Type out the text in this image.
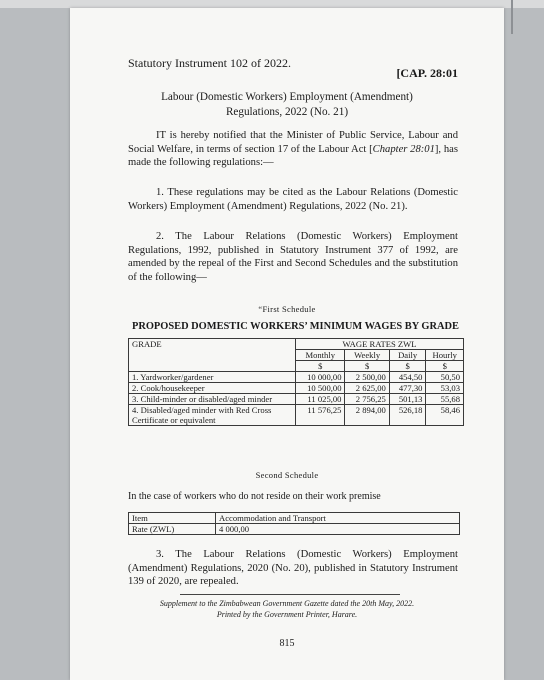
Statutory Instrument 102 of 2022.
[CAP. 28:01
Labour (Domestic Workers) Employment (Amendment)
Regulations, 2022 (No. 21)
IT is hereby notified that the Minister of Public Service, Labour and Social Welfare, in terms of section 17 of the Labour Act [Chapter 28:01], has made the following regulations:—
1. These regulations may be cited as the Labour Relations (Domestic Workers) Employment (Amendment) Regulations, 2022 (No. 21).
2. The Labour Relations (Domestic Workers) Employment Regulations, 1992, published in Statutory Instrument 377 of 1992, are amended by the repeal of the First and Second Schedules and the substitution of the following—
“First Schedule
PROPOSED DOMESTIC WORKERS’ MINIMUM WAGES BY GRADE
GRADE	WAGE RATES ZWL			
	Monthly	Weekly	Daily	Hourly
	$	$	$	$
1. Yardworker/gardener	10 000,00	2 500,00	454,50	50,50
2. Cook/housekeeper	10 500,00	2 625,00	477,30	53,03
3. Child-minder or disabled/aged minder	11 025,00	2 756,25	501,13	55,68
4. Disabled/aged minder with Red Cross Certificate or equivalent	11 576,25	2 894,00	526,18	58,46
Second Schedule
In the case of workers who do not reside on their work premise
Item	Accommodation and Transport
Rate (ZWL)	4 000,00
3. The Labour Relations (Domestic Workers) Employment (Amendment) Regulations, 2020 (No. 20), published in Statutory Instrument 139 of 2020, are repealed.
Supplement to the Zimbabwean Government Gazette dated the 20th May, 2022.
Printed by the Government Printer, Harare.
815
